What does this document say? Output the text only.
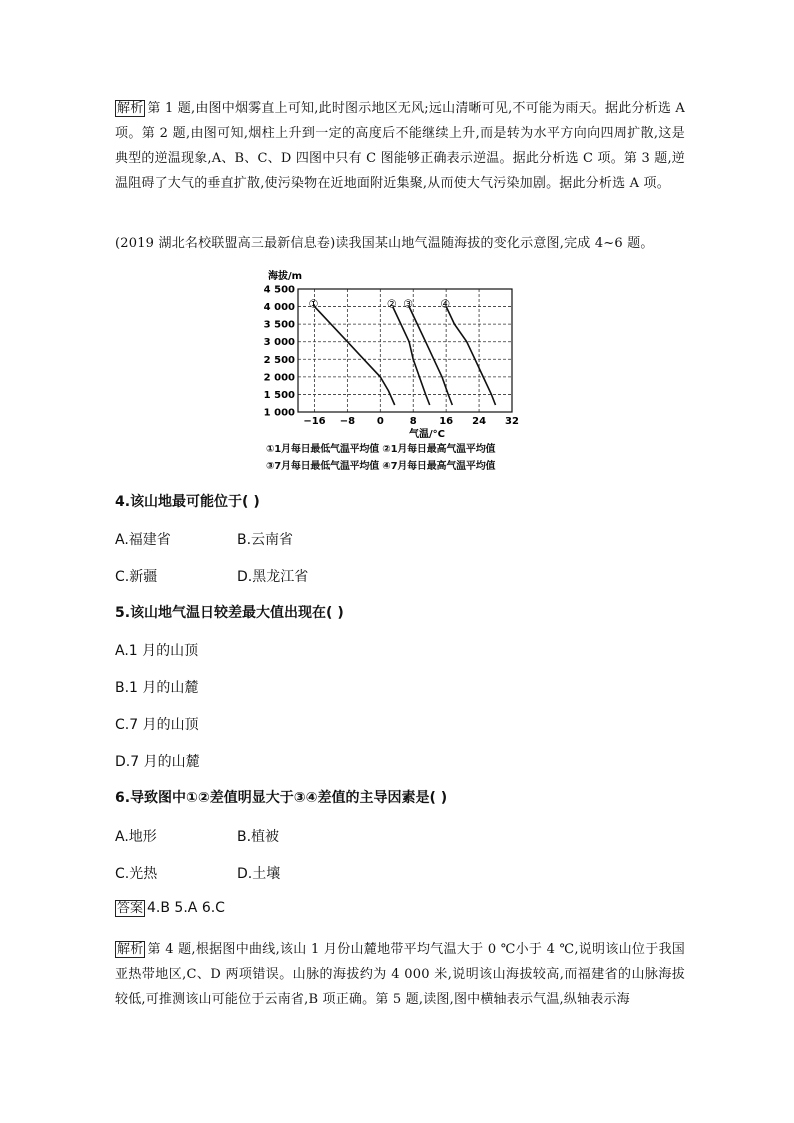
解析 第 1 题,由图中烟雾直上可知,此时图示地区无风;远山清晰可见,不可能为雨天。据此分析选 A 项。第 2 题,由图可知,烟柱上升到一定的高度后不能继续上升,而是转为水平方向向四周扩散,这是典型的逆温现象,A、B、C、D 四图中只有 C 图能够正确表示逆温。据此分析选 C 项。第 3 题,逆温阻碍了大气的垂直扩散,使污染物在近地面附近集聚,从而使大气污染加剧。据此分析选 A 项。
(2019 湖北名校联盟高三最新信息卷)读我国某山地气温随海拔的变化示意图,完成 4~6 题。
1 000
1 500
2 000
2 500
3 000
3 500
4 000
4 500
−16 −8 0	8 16 24 32
海拔/m
气温/°C
①	② ③ ④
①1月每日最低气温平均值 ②1月每日最高气温平均值
③7月每日最低气温平均值 ④7月每日最高气温平均值
4.该山地最可能位于( )
A.福建省	B.云南省
C.新疆	D.黑龙江省
5.该山地气温日较差最大值出现在( )
A.1 月的山顶
B.1 月的山麓
C.7 月的山顶
D.7 月的山麓
6.导致图中①②差值明显大于③④差值的主导因素是( )
A.地形	B.植被
C.光热	D.土壤
答案 4.B 5.A 6.C
解析 第 4 题,根据图中曲线,该山 1 月份山麓地带平均气温大于 0 ℃小于 4 ℃,说明该山位于我国亚热带地区,C、D 两项错误。山脉的海拔约为 4 000 米,说明该山海拔较高,而福建省的山脉海拔较低,可推测该山可能位于云南省,B 项正确。第 5 题,读图,图中横轴表示气温,纵轴表示海
